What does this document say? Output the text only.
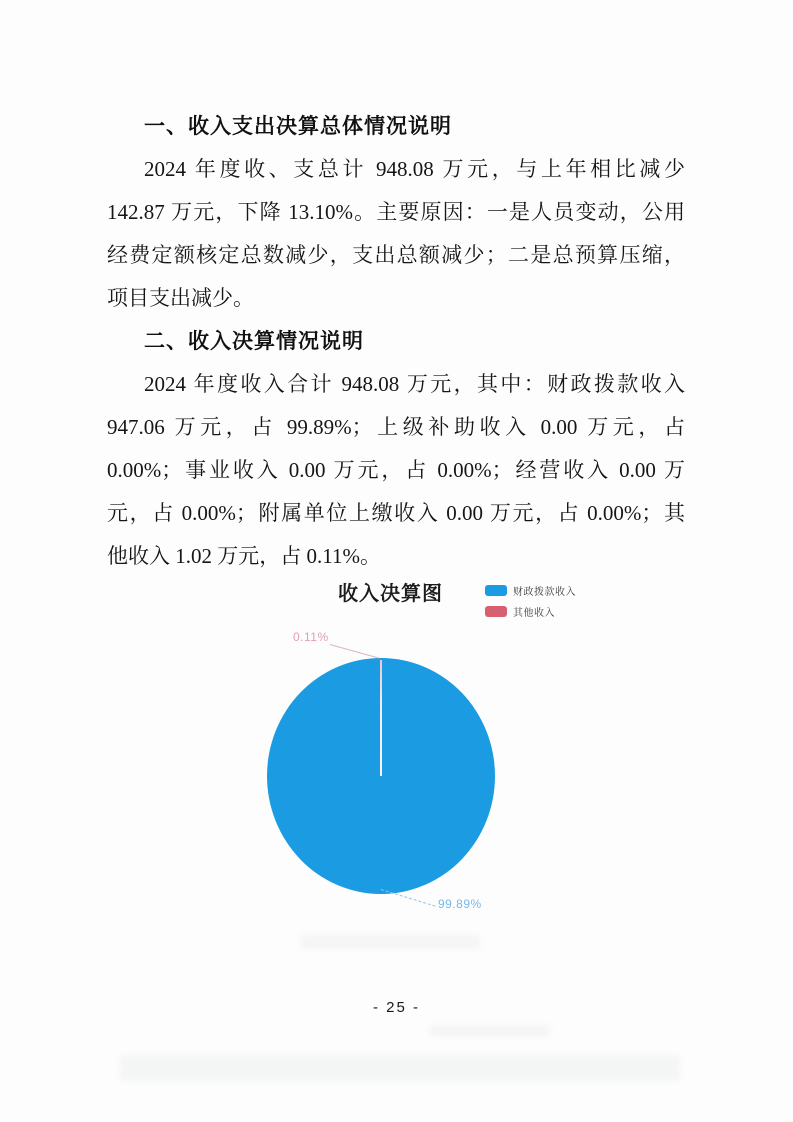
一、收入支出决算总体情况说明
2024 年度收、支总计 948.08 万元，与上年相比减少
142.87 万元，下降 13.10%。主要原因：一是人员变动，公用
经费定额核定总数减少，支出总额减少；二是总预算压缩，
项目支出减少。
二、收入决算情况说明
2024 年度收入合计 948.08 万元，其中：财政拨款收入
947.06 万元，占 99.89%；上级补助收入 0.00 万元，占
0.00%；事业收入 0.00 万元，占 0.00%；经营收入 0.00 万
元，占 0.00%；附属单位上缴收入 0.00 万元，占 0.00%；其
他收入 1.02 万元，占 0.11%。
收入决算图	财政拨款收入
其他收入
0.11%
99.89%
- 25 -
